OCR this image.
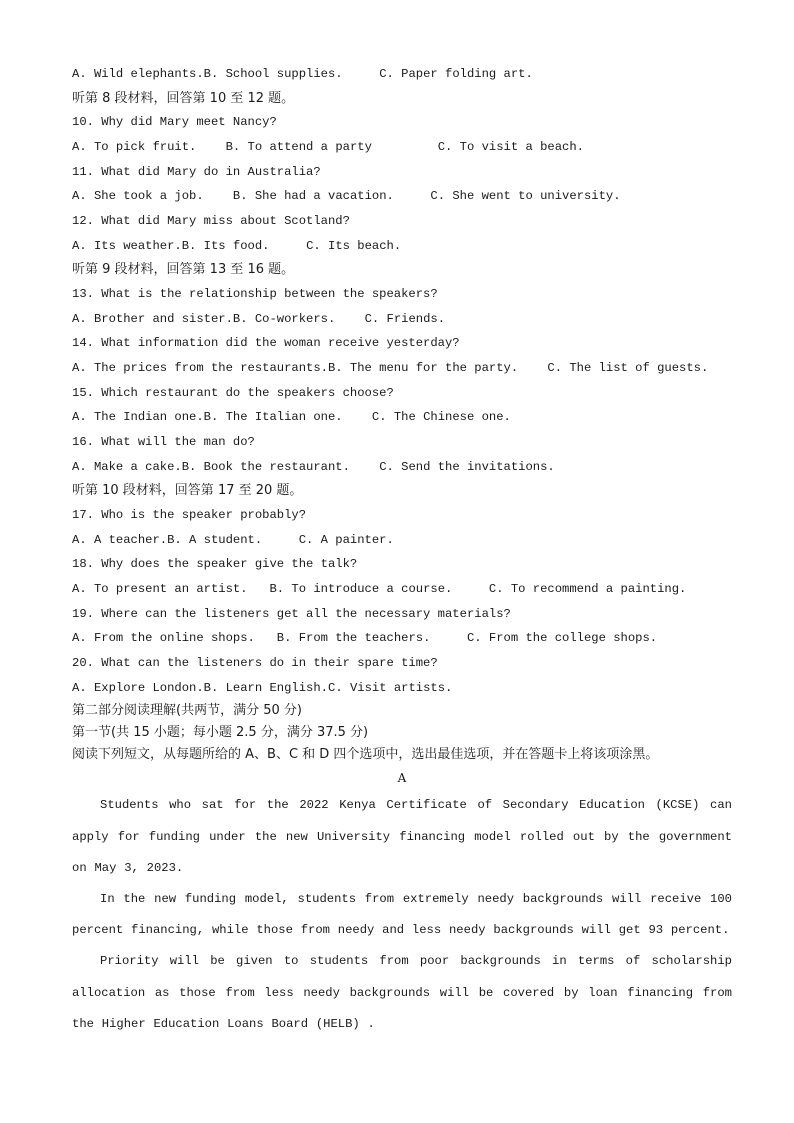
A. Wild elephants.B. School supplies.	C. Paper folding art.
听第 8 段材料，回答第 10 至 12 题。
10. Why did Mary meet Nancy?
A. To pick fruit. B. To attend a party	C. To visit a beach.
11. What did Mary do in Australia?
A. She took a job. B. She had a vacation.	C. She went to university.
12. What did Mary miss about Scotland?
A. Its weather.B. Its food.	C. Its beach.
听第 9 段材料，回答第 13 至 16 题。
13. What is the relationship between the speakers?
A. Brother and sister.B. Co-workers. C. Friends.
14. What information did the woman receive yesterday?
A. The prices from the restaurants.B. The menu for the party. C. The list of guests.
15. Which restaurant do the speakers choose?
A. The Indian one.B. The Italian one. C. The Chinese one.
16. What will the man do?
A. Make a cake.B. Book the restaurant. C. Send the invitations.
听第 10 段材料，回答第 17 至 20 题。
17. Who is the speaker probably?
A. A teacher.B. A student.	C. A painter.
18. Why does the speaker give the talk?
A. To present an artist. B. To introduce a course.	C. To recommend a painting.
19. Where can the listeners get all the necessary materials?
A. From the online shops. B. From the teachers.	C. From the college shops.
20. What can the listeners do in their spare time?
A. Explore London.B. Learn English.C. Visit artists.
第二部分阅读理解(共两节，满分 50 分)
第一节(共 15 小题；每小题 2.5 分，满分 37.5 分)
阅读下列短文，从每题所给的 A、B、C 和 D 四个选项中，选出最佳选项，并在答题卡上将该项涂黑。
A

Students who sat for the 2022 Kenya Certificate of Secondary Education (KCSE) can apply for funding under the new University financing model rolled out by the government on May 3, 2023.

In the new funding model, students from extremely needy backgrounds will receive 100 percent financing, while those from needy and less needy backgrounds will get 93 percent.

Priority will be given to students from poor backgrounds in terms of scholarship allocation as those from less needy backgrounds will be covered by loan financing from the Higher Education Loans Board (HELB) .
